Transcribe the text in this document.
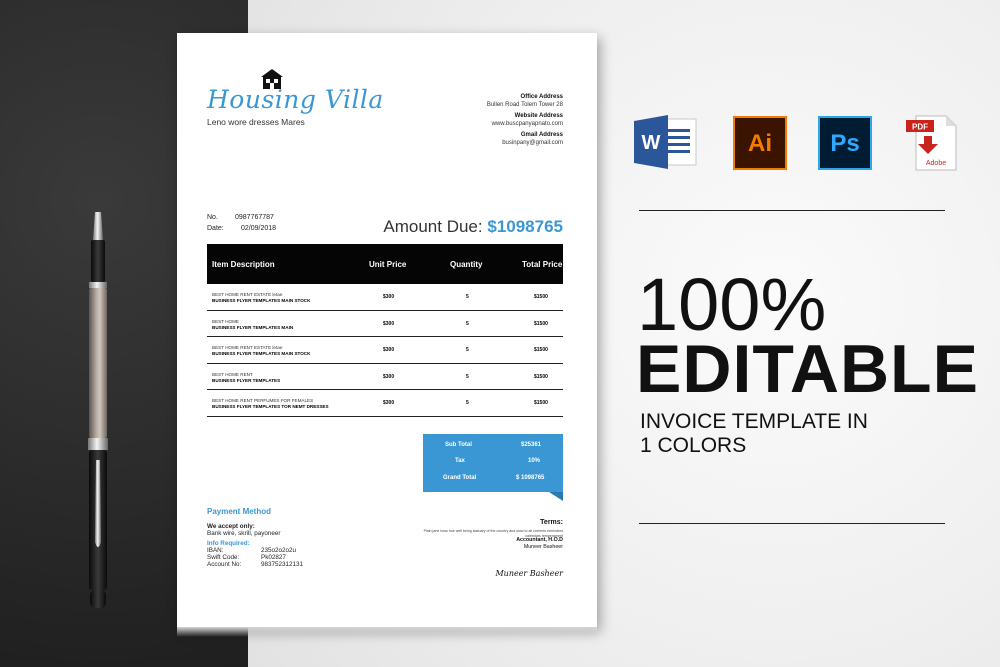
Housing Villa
Leno wore dresses Mares
Office Address
Bullen Road Tolem Tower 28
Website Address
www.buscpanyapnato.com
Gmail Address
businpany@gmail.com
No. 0987767787
Date: 02/09/2018	Amount Due: $1098765
Item Description	Unit Price	Quantity	Total Price
BEST HOME RENT ESTATE letae
BUSINESS FLYER TEMPLATES MAIN STOCK
$300	5	$1500
BEST HOME
BUSINESS FLYER TEMPLATES MAIN
$300	5	$1500
BEST HOME RENT ESTATE letae
BUSINESS FLYER TEMPLATES MAIN STOCK
$300	5	$1500
BEST HOME RENT
BUSINESS FLYER TEMPLATES
$300	5	$1500
BEST HOME RENT PERFUMES FOR FEMALES
BUSINESS FLYER TEMPLATES TOR NEMT DRESSES
$300	5	$1500
Sub Total	$25361
Tax	10%
Grand Total	$ 1098765
Payment Method
We accept only:
Bank wire, skrill, payoneer
Info Required:
IBAN:	235o2o2o2u
Swift Code:	Pk02827
Account No:	983752312131
Terms:
Plain jane tows hue well being statuary of the country and slow to all currents reminders calendars temperament
Accountant, H.O.D
Muneer Basheer
Muneer Basheer
W	Ai	Ps
PDF
Adobe
100%
EDITABLE
INVOICE TEMPLATE IN
1 COLORS
